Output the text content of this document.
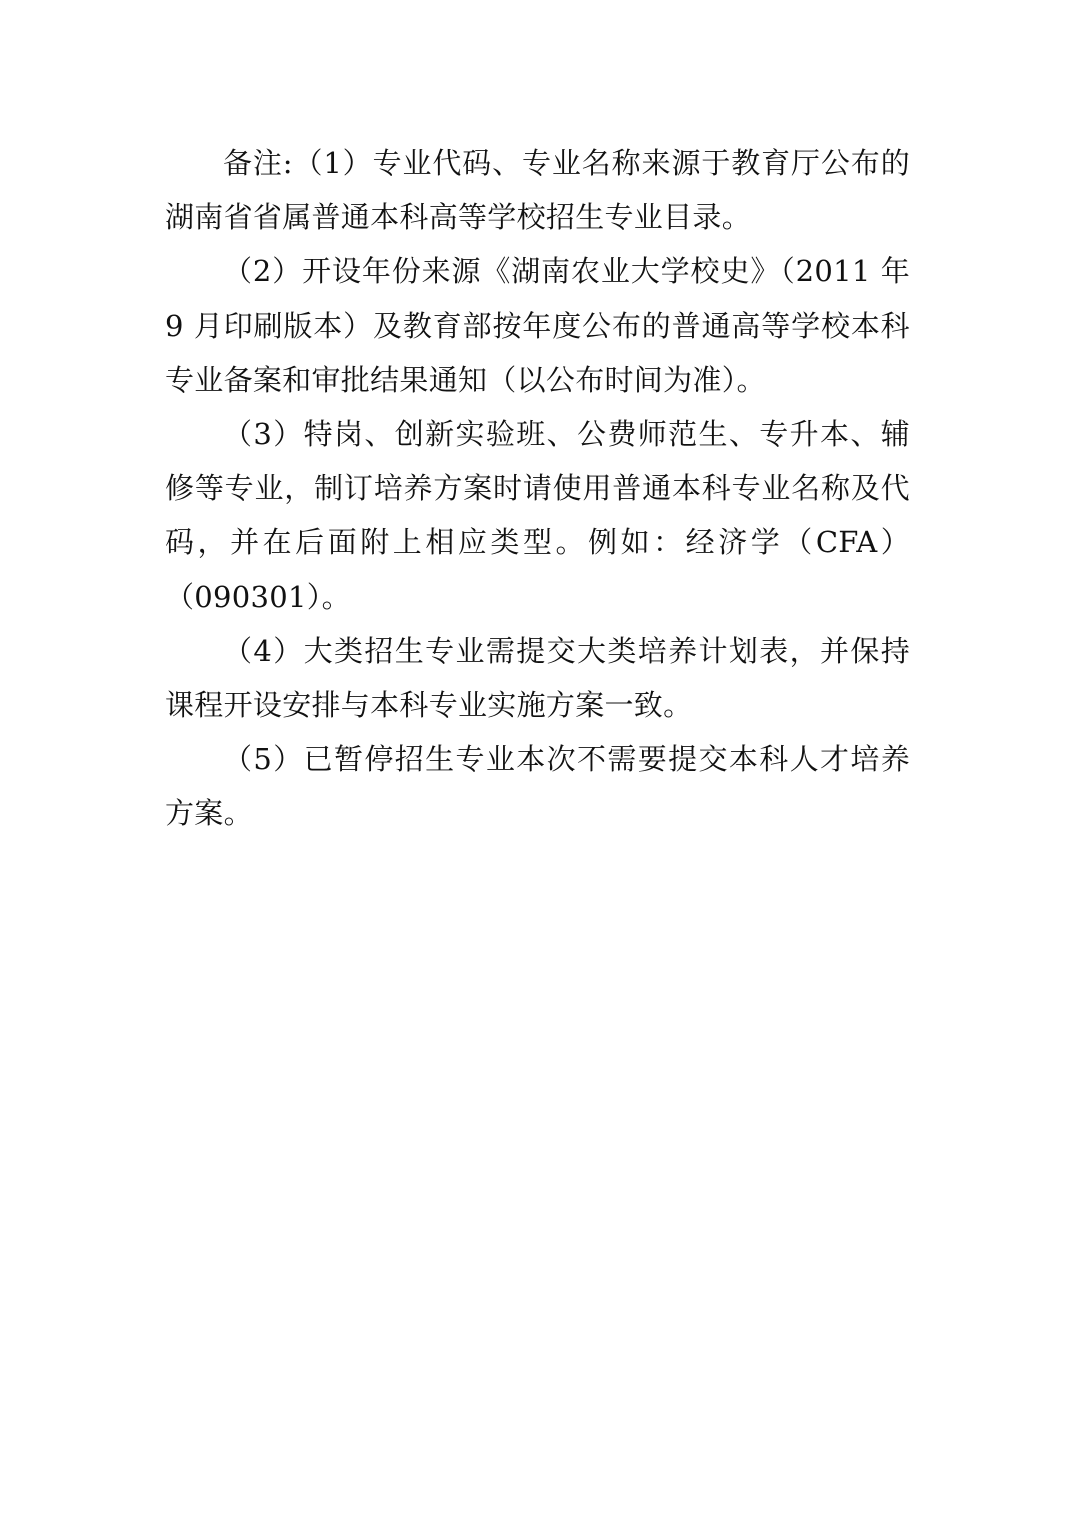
备注:（1）专业代码、专业名称来源于教育厅公布的湖南省省属普通本科高等学校招生专业目录。

（2）开设年份来源《湖南农业大学校史》（2011 年 9 月印刷版本）及教育部按年度公布的普通高等学校本科专业备案和审批结果通知（以公布时间为准）。

（3）特岗、创新实验班、公费师范生、专升本、辅修等专业，制订培养方案时请使用普通本科专业名称及代码，并在后面附上相应类型。例如：经济学（CFA）（090301）。

（4）大类招生专业需提交大类培养计划表，并保持课程开设安排与本科专业实施方案一致。

（5）已暂停招生专业本次不需要提交本科人才培养方案。
